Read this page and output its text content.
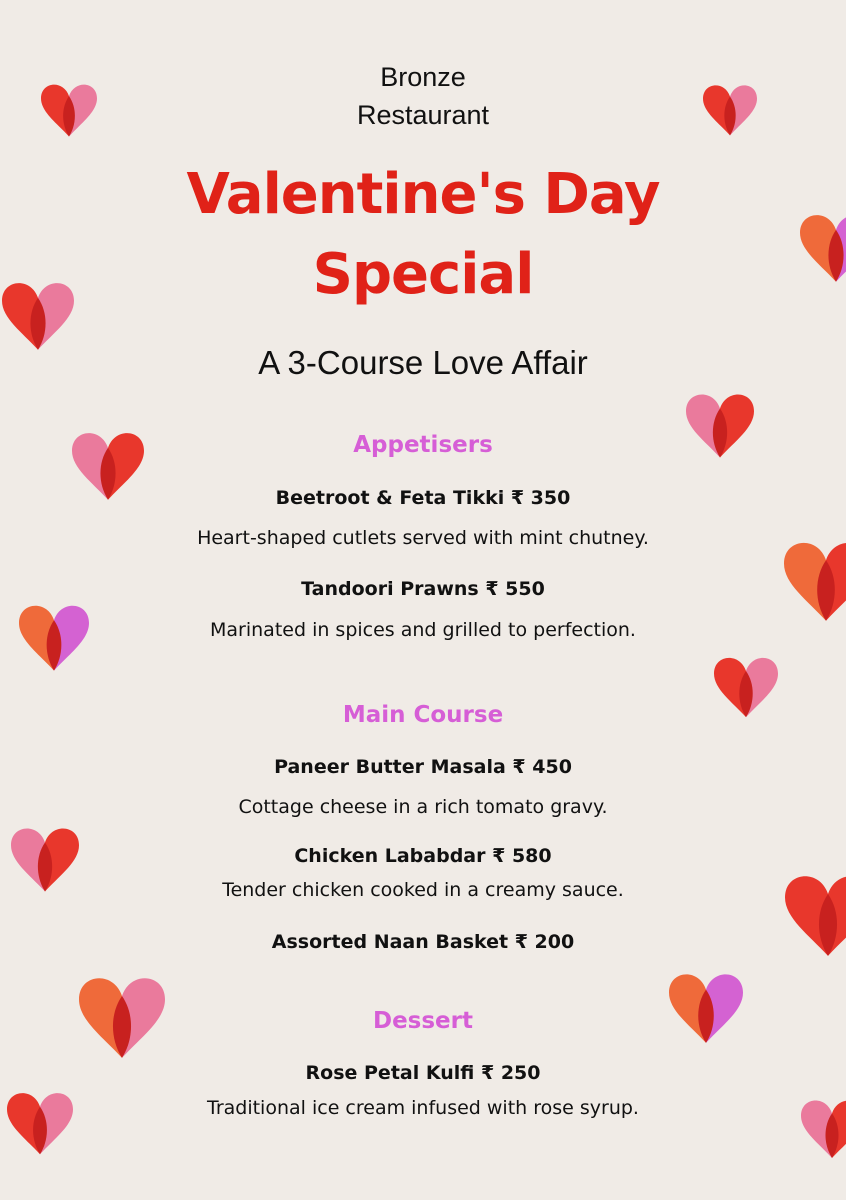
Bronze
Restaurant
Valentine's Day
Special
A 3-Course Love Affair
Appetisers
Beetroot & Feta Tikki ₹ 350
Heart-shaped cutlets served with mint chutney.
Tandoori Prawns ₹ 550
Marinated in spices and grilled to perfection.
Main Course
Paneer Butter Masala ₹ 450
Cottage cheese in a rich tomato gravy.
Chicken Lababdar ₹ 580
Tender chicken cooked in a creamy sauce.
Assorted Naan Basket ₹ 200
Dessert
Rose Petal Kulfi ₹ 250
Traditional ice cream infused with rose syrup.
